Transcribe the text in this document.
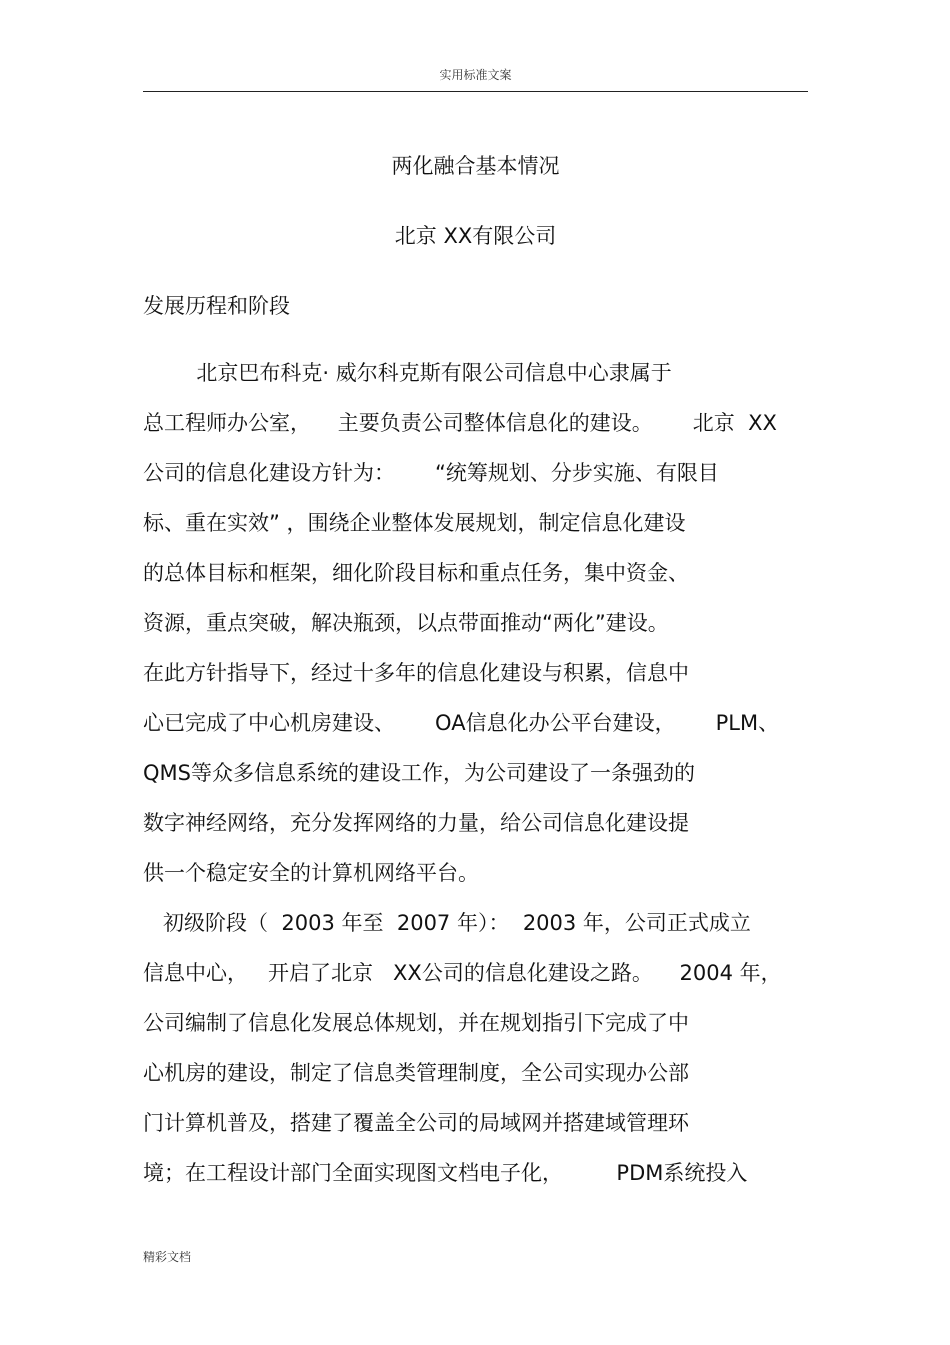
实用标准文案
两化融合基本情况
北京 XX有限公司
发展历程和阶段
北京巴布科克· 威尔科克斯有限公司信息中心隶属于
总工程师办公室，    主要负责公司整体信息化的建设。      北京  XX
公司的信息化建设方针为：      “统筹规划、分步实施、有限目
标、重在实效” ，围绕企业整体发展规划，制定信息化建设
的总体目标和框架，细化阶段目标和重点任务，集中资金、
资源，重点突破，解决瓶颈，以点带面推动“两化”建设。
在此方针指导下，经过十多年的信息化建设与积累，信息中
心已完成了中心机房建设、      OA信息化办公平台建设，      PLM、
QMS等众多信息系统的建设工作，为公司建设了一条强劲的
数字神经网络，充分发挥网络的力量，给公司信息化建设提
供一个稳定安全的计算机网络平台。
初级阶段（  2003 年至  2007 年）：  2003 年，公司正式成立
信息中心，   开启了北京   XX公司的信息化建设之路。    2004 年，
公司编制了信息化发展总体规划，并在规划指引下完成了中
心机房的建设，制定了信息类管理制度，全公司实现办公部
门计算机普及，搭建了覆盖全公司的局域网并搭建域管理环
境；在工程设计部门全面实现图文档电子化，        PDM系统投入
精彩文档
